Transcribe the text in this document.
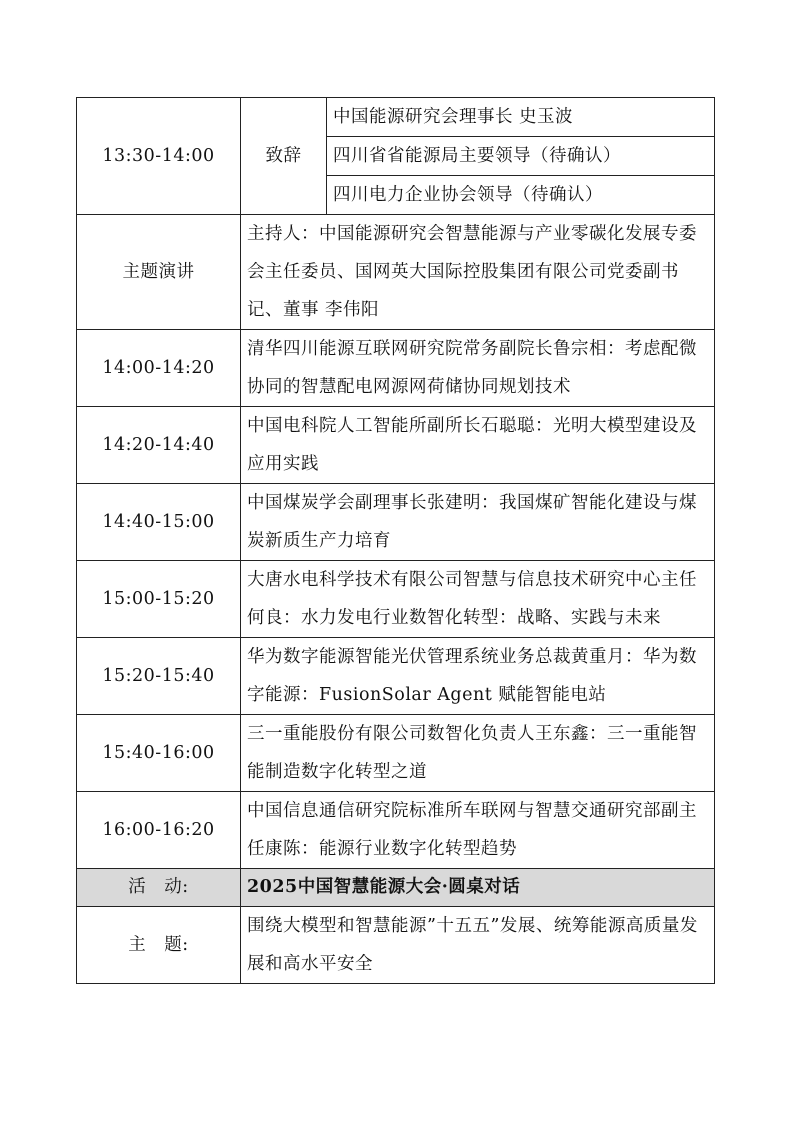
13:30-14:00	致辞	中国能源研究会理事长 史玉波
		四川省省能源局主要领导（待确认）
		四川电力企业协会领导（待确认）
主题演讲	主持人：中国能源研究会智慧能源与产业零碳化发展专委会主任委员、国网英大国际控股集团有限公司党委副书记、董事 李伟阳	
14:00-14:20	清华四川能源互联网研究院常务副院长鲁宗相：考虑配微协同的智慧配电网源网荷储协同规划技术	
14:20-14:40	中国电科院人工智能所副所长石聪聪：光明大模型建设及应用实践	
14:40-15:00	中国煤炭学会副理事长张建明：我国煤矿智能化建设与煤炭新质生产力培育	
15:00-15:20	大唐水电科学技术有限公司智慧与信息技术研究中心主任何良：水力发电行业数智化转型：战略、实践与未来	
15:20-15:40	华为数字能源智能光伏管理系统业务总裁黄重月：华为数字能源：FusionSolar Agent 赋能智能电站	
15:40-16:00	三一重能股份有限公司数智化负责人王东鑫：三一重能智能制造数字化转型之道	
16:00-16:20	中国信息通信研究院标准所车联网与智慧交通研究部副主任康陈：能源行业数字化转型趋势	
活　动:	2025中国智慧能源大会·圆桌对话	
主　题:	围绕大模型和智慧能源”十五五”发展、统筹能源高质量发展和高水平安全	
